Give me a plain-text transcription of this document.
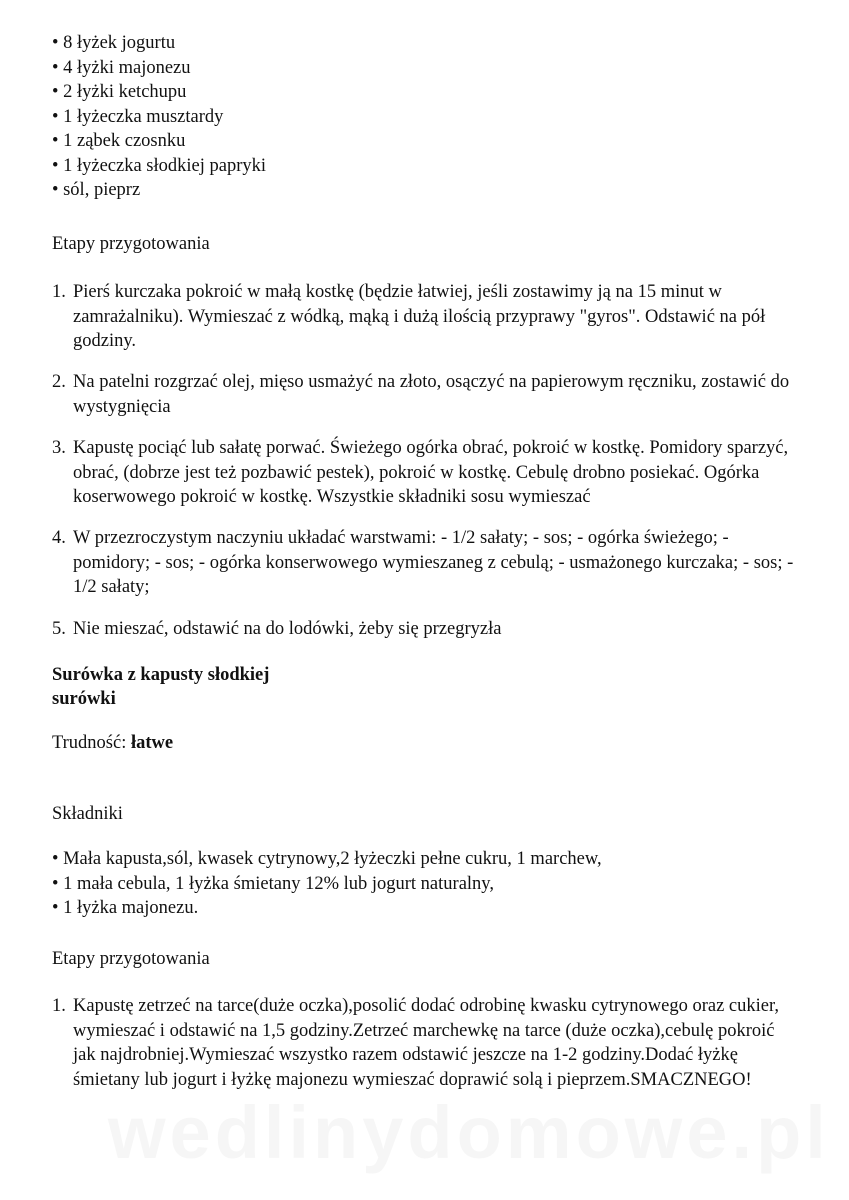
• 8 łyżek jogurtu
• 4 łyżki majonezu
• 2 łyżki ketchupu
• 1 łyżeczka musztardy
• 1 ząbek czosnku
• 1 łyżeczka słodkiej papryki
• sól, pieprz

Etapy przygotowania

1. Pierś kurczaka pokroić w małą kostkę (będzie łatwiej, jeśli zostawimy ją na 15 minut w zamrażalniku). Wymieszać z wódką, mąką i dużą ilością przyprawy "gyros". Odstawić na pół godziny.
2. Na patelni rozgrzać olej, mięso usmażyć na złoto, osączyć na papierowym ręczniku, zostawić do wystygnięcia
3. Kapustę pociąć lub sałatę porwać. Świeżego ogórka obrać, pokroić w kostkę. Pomidory sparzyć, obrać, (dobrze jest też pozbawić pestek), pokroić w kostkę. Cebulę drobno posiekać. Ogórka koserwowego pokroić w kostkę. Wszystkie składniki sosu wymieszać
4. W przezroczystym naczyniu układać warstwami: - 1/2 sałaty; - sos; - ogórka świeżego; - pomidory; - sos; - ogórka konserwowego wymieszaneg z cebulą; - usmażonego kurczaka; - sos; - 1/2 sałaty;
5. Nie mieszać, odstawić na do lodówki, żeby się przegryzła

Surówka z kapusty słodkiej

surówki

Trudność: łatwe

Składniki

• Mała kapusta,sól, kwasek cytrynowy,2 łyżeczki pełne cukru, 1 marchew,
• 1 mała cebula, 1 łyżka śmietany 12% lub jogurt naturalny,
• 1 łyżka majonezu.

Etapy przygotowania

1. Kapustę zetrzeć na tarce(duże oczka),posolić dodać odrobinę kwasku cytrynowego oraz cukier, wymieszać i odstawić na 1,5 godziny.Zetrzeć marchewkę na tarce (duże oczka),cebulę pokroić jak najdrobniej.Wymieszać wszystko razem odstawić jeszcze na 1-2 godziny.Dodać łyżkę śmietany lub jogurt i łyżkę majonezu wymieszać doprawić solą i pieprzem.SMACZNEGO!
wedlinydomowe.pl
